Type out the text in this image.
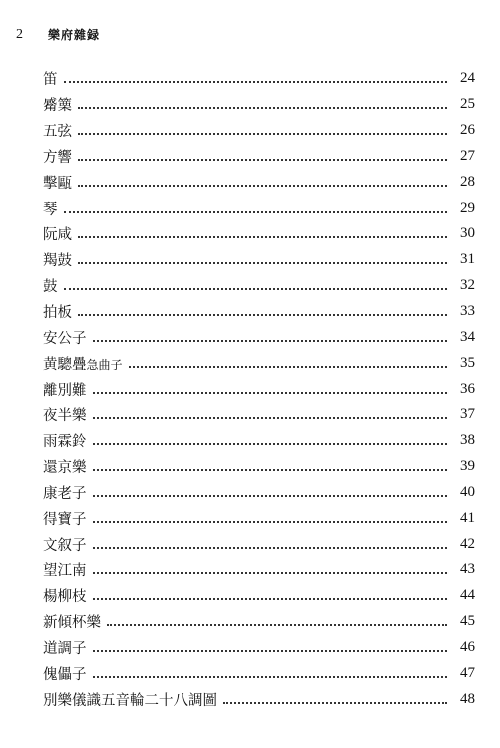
2	樂府雜録
笛	24
觱篥	25
五弦	26
方響	27
擊甌	28
琴	29
阮咸	30
羯鼓	31
鼓	32
拍板	33
安公子	34
黄驄疊急曲子	35
離別難	36
夜半樂	37
雨霖鈴	38
還京樂	39
康老子	40
得寶子	41
文叙子	42
望江南	43
楊柳枝	44
新傾杯樂	45
道調子	46
傀儡子	47
別樂儀識五音輪二十八調圖	48
